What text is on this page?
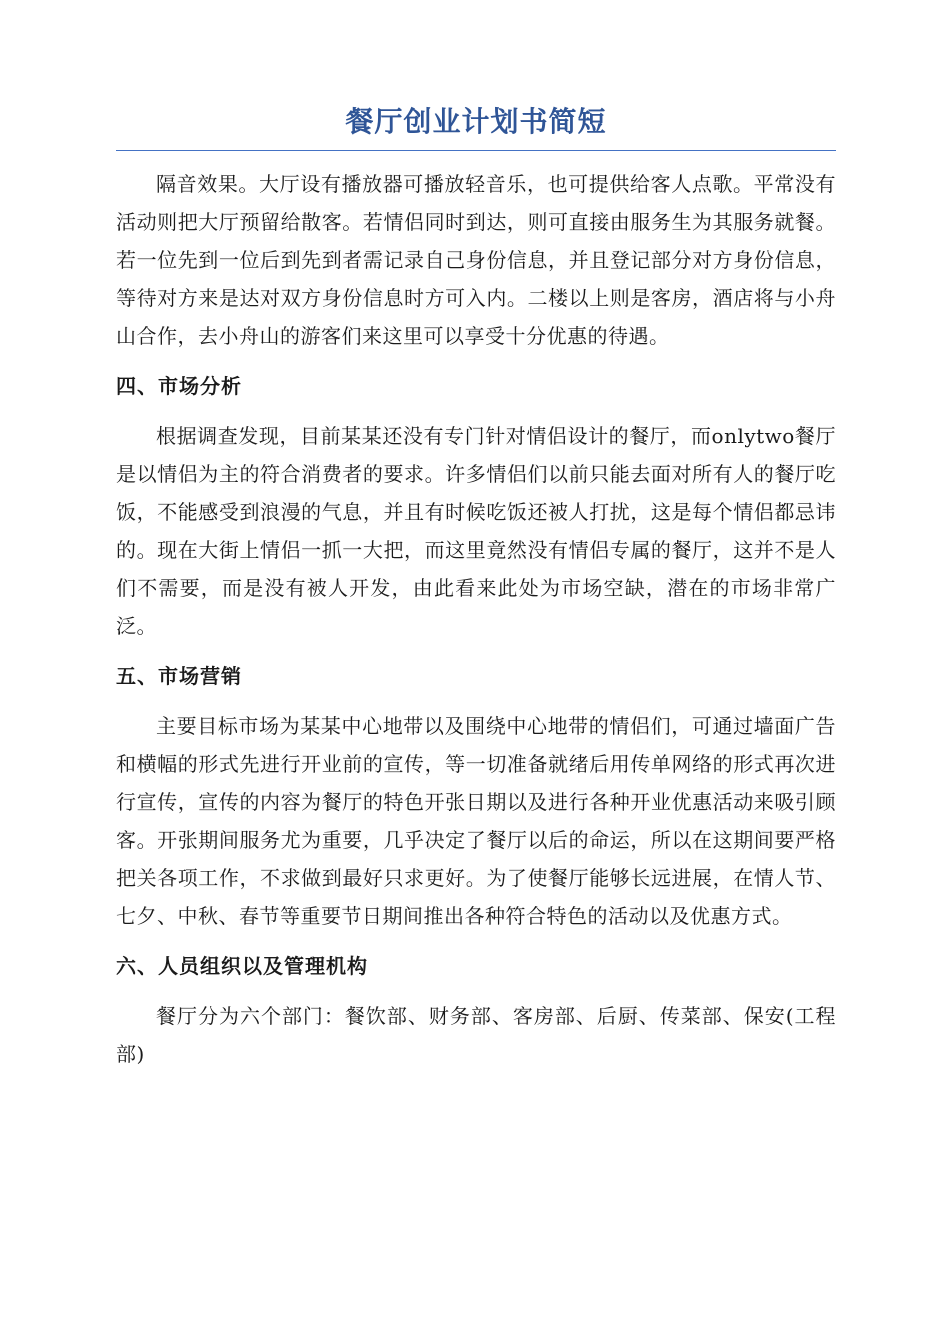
餐厅创业计划书简短

隔音效果。大厅设有播放器可播放轻音乐，也可提供给客人点歌。平常没有活动则把大厅预留给散客。若情侣同时到达，则可直接由服务生为其服务就餐。若一位先到一位后到先到者需记录自己身份信息，并且登记部分对方身份信息，等待对方来是达对双方身份信息时方可入内。二楼以上则是客房，酒店将与小舟山合作，去小舟山的游客们来这里可以享受十分优惠的待遇。

四、市场分析

根据调查发现，目前某某还没有专门针对情侣设计的餐厅，而onlytwo餐厅是以情侣为主的符合消费者的要求。许多情侣们以前只能去面对所有人的餐厅吃饭，不能感受到浪漫的气息，并且有时候吃饭还被人打扰，这是每个情侣都忌讳的。现在大街上情侣一抓一大把，而这里竟然没有情侣专属的餐厅，这并不是人们不需要，而是没有被人开发，由此看来此处为市场空缺，潜在的市场非常广泛。

五、市场营销

主要目标市场为某某中心地带以及围绕中心地带的情侣们，可通过墙面广告和横幅的形式先进行开业前的宣传，等一切准备就绪后用传单网络的形式再次进行宣传，宣传的内容为餐厅的特色开张日期以及进行各种开业优惠活动来吸引顾客。开张期间服务尤为重要，几乎决定了餐厅以后的命运，所以在这期间要严格把关各项工作，不求做到最好只求更好。为了使餐厅能够长远进展，在情人节、七夕、中秋、春节等重要节日期间推出各种符合特色的活动以及优惠方式。

六、人员组织以及管理机构

餐厅分为六个部门：餐饮部、财务部、客房部、后厨、传菜部、保安(工程部)
